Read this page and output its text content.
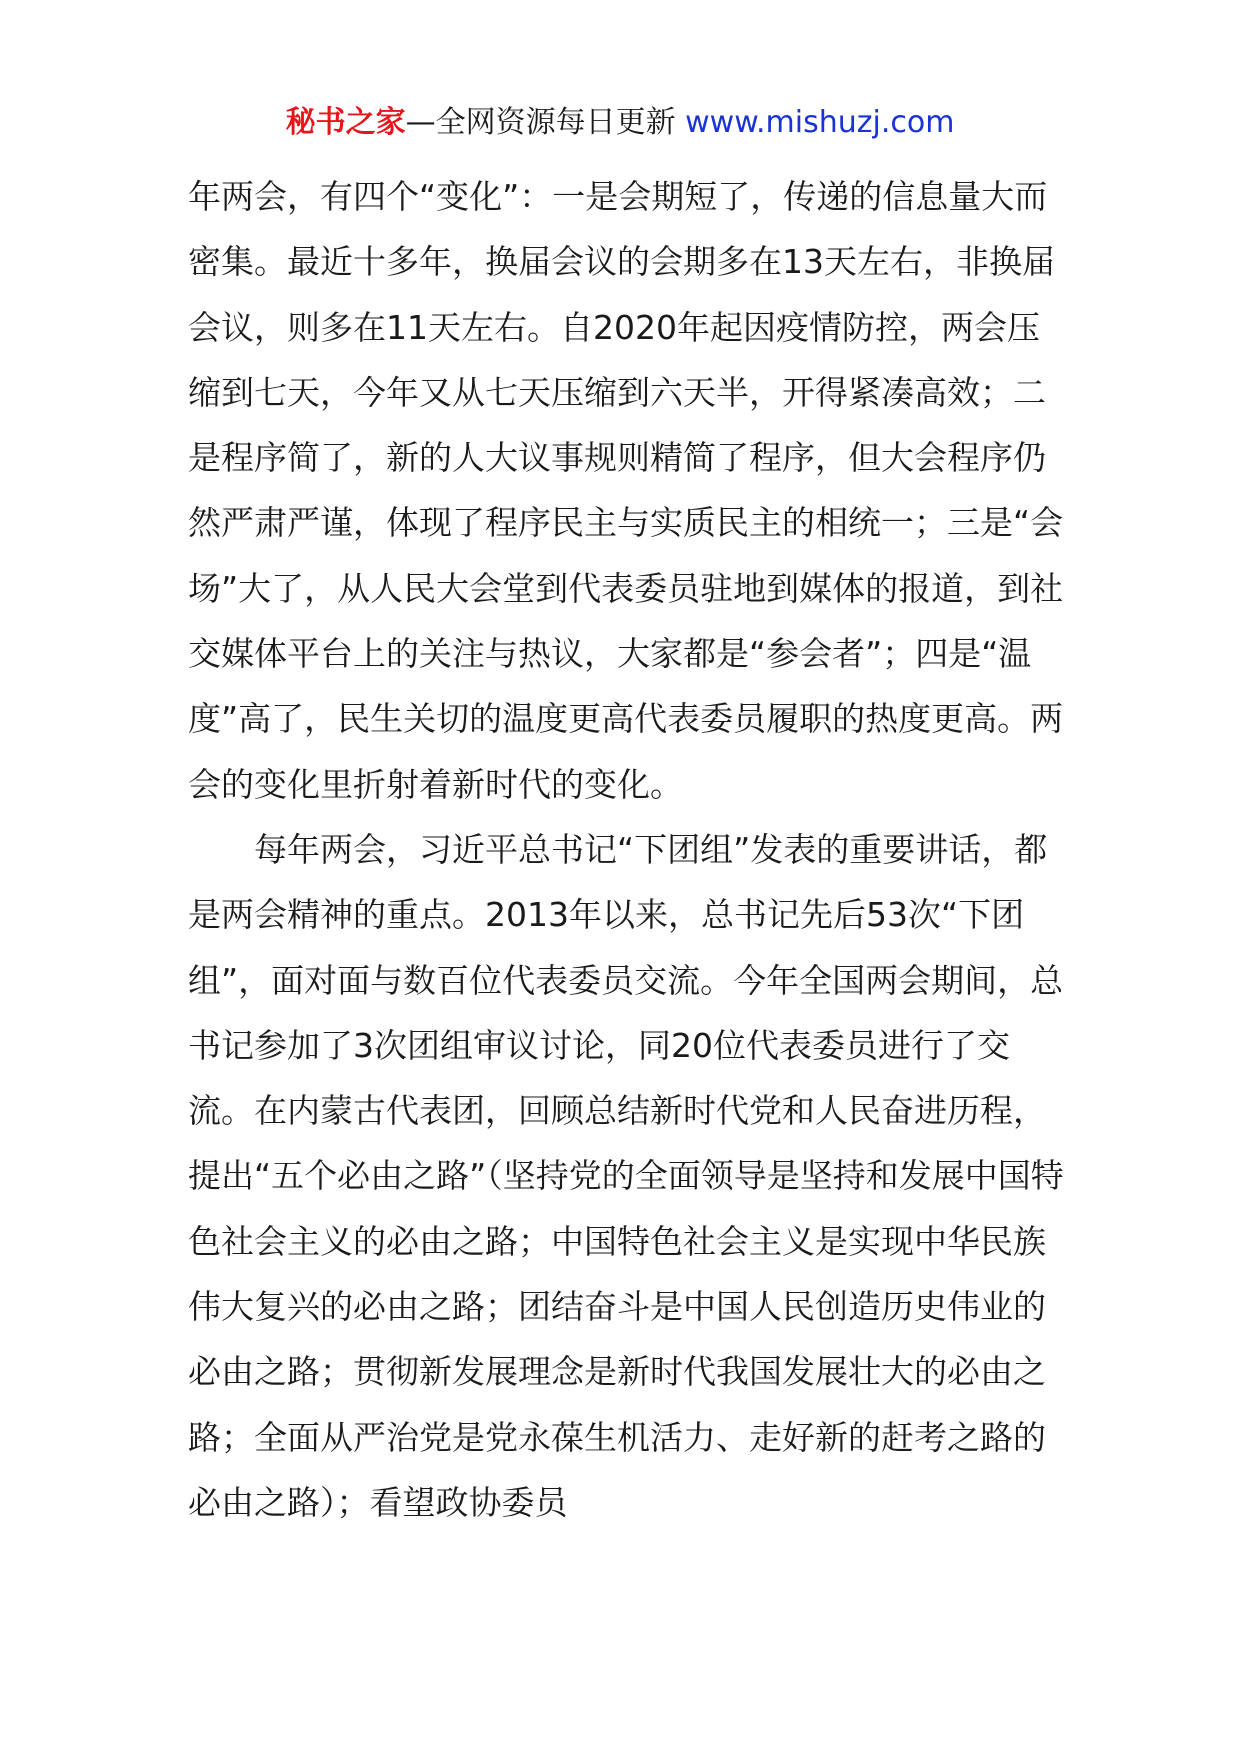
秘书之家—全网资源每日更新 www.mishuzj.com

年两会，有四个“变化”：一是会期短了，传递的信息量大而密集。最近十多年，换届会议的会期多在13天左右，非换届会议，则多在11天左右。自2020年起因疫情防控，两会压缩到七天，今年又从七天压缩到六天半，开得紧凑高效；二是程序简了，新的人大议事规则精简了程序，但大会程序仍然严肃严谨，体现了程序民主与实质民主的相统一；三是“会场”大了，从人民大会堂到代表委员驻地到媒体的报道，到社交媒体平台上的关注与热议，大家都是“参会者”；四是“温度”高了，民生关切的温度更高代表委员履职的热度更高。两会的变化里折射着新时代的变化。

每年两会，习近平总书记“下团组”发表的重要讲话，都是两会精神的重点。2013年以来，总书记先后53次“下团组”，面对面与数百位代表委员交流。今年全国两会期间，总书记参加了3次团组审议讨论，同20位代表委员进行了交流。在内蒙古代表团，回顾总结新时代党和人民奋进历程，提出“五个必由之路”（坚持党的全面领导是坚持和发展中国特色社会主义的必由之路；中国特色社会主义是实现中华民族伟大复兴的必由之路；团结奋斗是中国人民创造历史伟业的必由之路；贯彻新发展理念是新时代我国发展壮大的必由之路；全面从严治党是党永葆生机活力、走好新的赶考之路的必由之路）；看望政协委员
